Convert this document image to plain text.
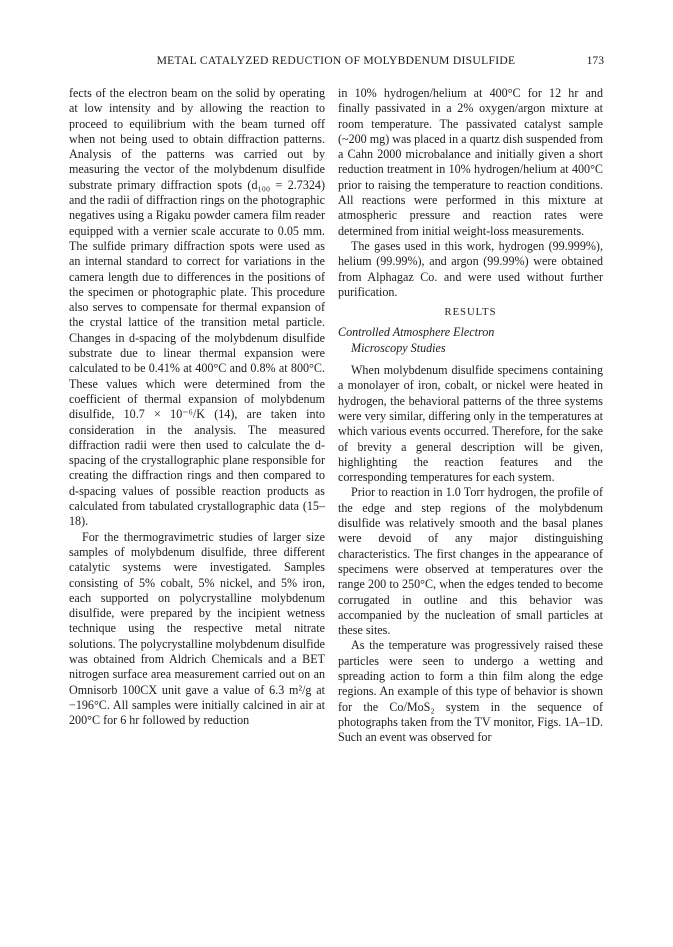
METAL CATALYZED REDUCTION OF MOLYBDENUM DISULFIDE	173

fects of the electron beam on the solid by operating at low intensity and by allowing the reaction to proceed to equilibrium with the beam turned off when not being used to obtain diffraction patterns. Analysis of the patterns was carried out by measuring the vector of the molybdenum disulfide substrate primary diffraction spots (d₁₀₀ = 2.7324) and the radii of diffraction rings on the photographic negatives using a Rigaku powder camera film reader equipped with a vernier scale accurate to 0.05 mm. The sulfide primary diffraction spots were used as an internal standard to correct for variations in the camera length due to differences in the positions of the specimen or photographic plate. This procedure also serves to compensate for thermal expansion of the crystal lattice of the transition metal particle. Changes in d-spacing of the molybdenum disulfide substrate due to linear thermal expansion were calculated to be 0.41% at 400°C and 0.8% at 800°C. These values which were determined from the coefficient of thermal expansion of molybdenum disulfide, 10.7 × 10⁻⁶/K (14), are taken into consideration in the analysis. The measured diffraction radii were then used to calculate the d-spacing of the crystallographic plane responsible for creating the diffraction rings and then compared to d-spacing values of possible reaction products as calculated from tabulated crystallographic data (15–18).

For the thermogravimetric studies of larger size samples of molybdenum disulfide, three different catalytic systems were investigated. Samples consisting of 5% cobalt, 5% nickel, and 5% iron, each supported on polycrystalline molybdenum disulfide, were prepared by the incipient wetness technique using the respective metal nitrate solutions. The polycrystalline molybdenum disulfide was obtained from Aldrich Chemicals and a BET nitrogen surface area measurement carried out on an Omnisorb 100CX unit gave a value of 6.3 m²/g at −196°C. All samples were initially calcined in air at 200°C for 6 hr followed by reduction

in 10% hydrogen/helium at 400°C for 12 hr and finally passivated in a 2% oxygen/argon mixture at room temperature. The passivated catalyst sample (~200 mg) was placed in a quartz dish suspended from a Cahn 2000 microbalance and initially given a short reduction treatment in 10% hydrogen/helium at 400°C prior to raising the temperature to reaction conditions. All reactions were performed in this mixture at atmospheric pressure and reaction rates were determined from initial weight-loss measurements.

The gases used in this work, hydrogen (99.999%), helium (99.99%), and argon (99.99%) were obtained from Alphagaz Co. and were used without further purification.

RESULTS
Controlled Atmosphere Electron
Microscopy Studies

When molybdenum disulfide specimens containing a monolayer of iron, cobalt, or nickel were heated in hydrogen, the behavioral patterns of the three systems were very similar, differing only in the temperatures at which various events occurred. Therefore, for the sake of brevity a general description will be given, highlighting the reaction features and the corresponding temperatures for each system.

Prior to reaction in 1.0 Torr hydrogen, the profile of the edge and step regions of the molybdenum disulfide was relatively smooth and the basal planes were devoid of any major distinguishing characteristics. The first changes in the appearance of specimens were observed at temperatures over the range 200 to 250°C, when the edges tended to become corrugated in outline and this behavior was accompanied by the nucleation of small particles at these sites.

As the temperature was progressively raised these particles were seen to undergo a wetting and spreading action to form a thin film along the edge regions. An example of this type of behavior is shown for the Co/MoS₂ system in the sequence of photographs taken from the TV monitor, Figs. 1A–1D. Such an event was observed for
